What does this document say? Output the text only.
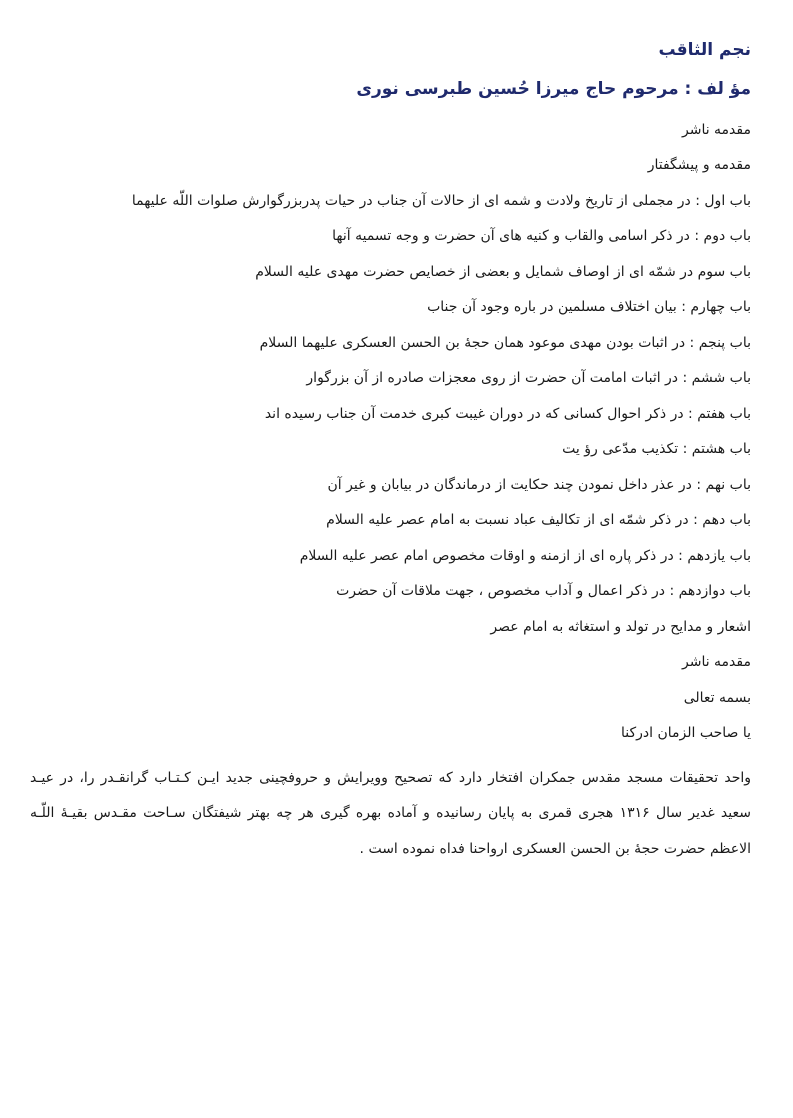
نجم الثاقب
مؤ لف : مرحوم حاج میرزا حُسین طبرسی نوری
مقدمه ناشر
مقدمه و پیشگفتار
باب اول : در مجملی از تاریخ ولادت و شمه ای از حالات آن جناب در حیات پدربزرگوارش صلوات اللّه علیهما
باب دوم : در ذکر اسامی والقاب و کنیه های آن حضرت و وجه تسمیه آنها
باب سوم در شمّه ای از اوصاف شمایل و بعضی از خصایص حضرت مهدی علیه السلام
باب چهارم : بیان اختلاف مسلمین در باره وجود آن جناب
باب پنجم : در اثبات بودن مهدی موعود همان حجهٔ بن الحسن العسکری علیهما السلام
باب ششم : در اثبات امامت آن حضرت از روی معجزات صادره از آن بزرگوار
باب هفتم : در ذکر احوال کسانی که در دوران غیبت کبری خدمت آن جناب رسیده اند
باب هشتم : تکذیب مدّعی رؤ یت
باب نهم : در عذر داخل نمودن چند حکایت از درماندگان در بیابان و غیر آن
باب دهم : در ذکر شمّه ای از تکالیف عباد نسبت به امام عصر علیه السلام
باب یازدهم : در ذکر پاره ای از ازمنه و اوقات مخصوص امام عصر علیه السلام
باب دوازدهم : در ذکر اعمال و آداب مخصوص ، جهت ملاقات آن حضرت
اشعار و مدایح در تولد و استغاثه به امام عصر
مقدمه ناشر
بسمه تعالی
یا صاحب الزمان ادرکنا

واحد تحقیقات مسجد مقدس جمکران افتخار دارد که تصحیح وویرایش و حروفچینی جدید ایـن کـتـاب گرانقـدر را، در عیـد سعید غدیر سال ۱۳۱۶ هجری قمری به پایان رسانیده و آماده بهره گیری هر چه بهتر شیفتگان سـاحت مقـدس بقیـهٔ اللّـه الاعظم حضرت حجهٔ بن الحسن العسکری ارواحنا فداه نموده است .
